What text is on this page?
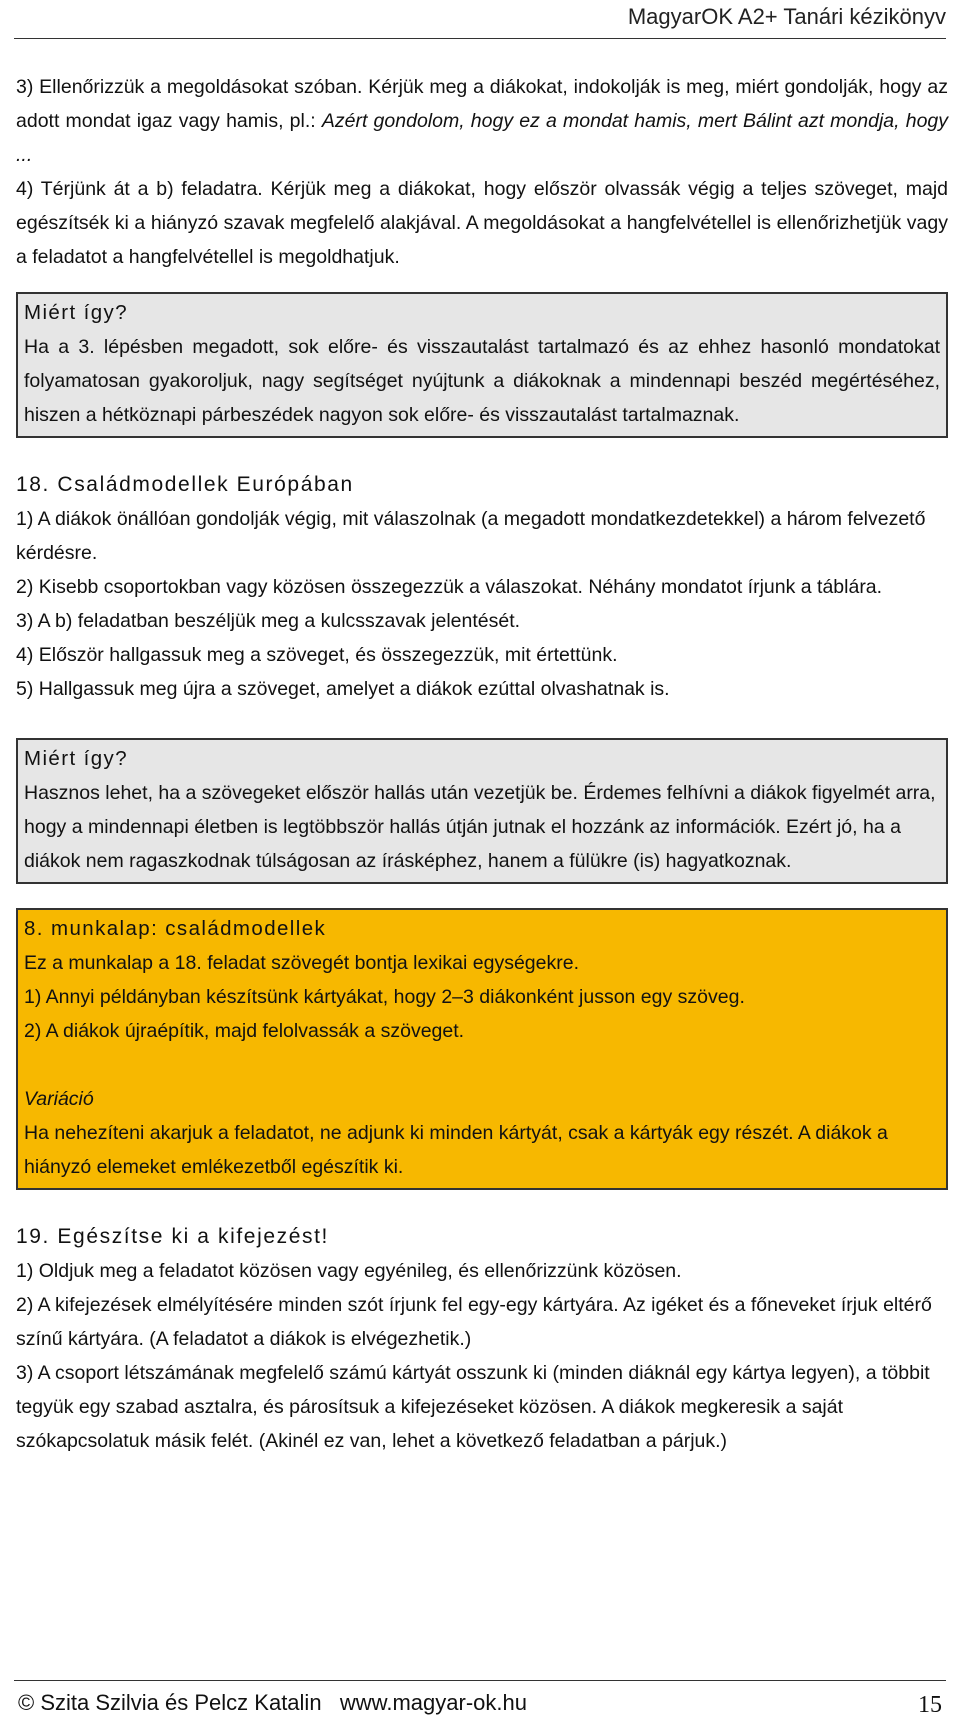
MagyarOK A2+ Tanári kézikönyv

3) Ellenőrizzük a megoldásokat szóban. Kérjük meg a diákokat, indokolják is meg, miért gondolják, hogy az adott mondat igaz vagy hamis, pl.: Azért gondolom, hogy ez a mondat hamis, mert Bálint azt mondja, hogy ...

4) Térjünk át a b) feladatra. Kérjük meg a diákokat, hogy először olvassák végig a teljes szöveget, majd egészítsék ki a hiányzó szavak megfelelő alakjával. A megoldásokat a hangfelvétellel is ellenőrizhetjük vagy a feladatot a hangfelvétellel is megoldhatjuk.

Miért így?

Ha a 3. lépésben megadott, sok előre- és visszautalást tartalmazó és az ehhez hasonló mondatokat folyamatosan gyakoroljuk, nagy segítséget nyújtunk a diákoknak a mindennapi beszéd megértéséhez, hiszen a hétköznapi párbeszédek nagyon sok előre- és visszautalást tartalmaznak.

18. Családmodellek Európában

1) A diákok önállóan gondolják végig, mit válaszolnak (a megadott mondatkezdetekkel) a három felvezető kérdésre.

2) Kisebb csoportokban vagy közösen összegezzük a válaszokat. Néhány mondatot írjunk a táblára.

3) A b) feladatban beszéljük meg a kulcsszavak jelentését.

4) Először hallgassuk meg a szöveget, és összegezzük, mit értettünk.

5) Hallgassuk meg újra a szöveget, amelyet a diákok ezúttal olvashatnak is.

Miért így?

Hasznos lehet, ha a szövegeket először hallás után vezetjük be. Érdemes felhívni a diákok figyelmét arra, hogy a mindennapi életben is legtöbbször hallás útján jutnak el hozzánk az információk. Ezért jó, ha a diákok nem ragaszkodnak túlságosan az írásképhez, hanem a fülükre (is) hagyatkoznak.

8. munkalap: családmodellek

Ez a munkalap a 18. feladat szövegét bontja lexikai egységekre.

1) Annyi példányban készítsünk kártyákat, hogy 2–3 diákonként jusson egy szöveg.

2) A diákok újraépítik, majd felolvassák a szöveget.

Variáció

Ha nehezíteni akarjuk a feladatot, ne adjunk ki minden kártyát, csak a kártyák egy részét. A diákok a hiányzó elemeket emlékezetből egészítik ki.

19. Egészítse ki a kifejezést!

1) Oldjuk meg a feladatot közösen vagy egyénileg, és ellenőrizzünk közösen.

2) A kifejezések elmélyítésére minden szót írjunk fel egy-egy kártyára. Az igéket és a főneveket írjuk eltérő színű kártyára. (A feladatot a diákok is elvégezhetik.)

3) A csoport létszámának megfelelő számú kártyát osszunk ki (minden diáknál egy kártya legyen), a többit tegyük egy szabad asztalra, és párosítsuk a kifejezéseket közösen. A diákok megkeresik a saját szókapcsolatuk másik felét. (Akinél ez van, lehet a következő feladatban a párjuk.)

© Szita Szilvia és Pelcz Katalin www.magyar-ok.hu	15
